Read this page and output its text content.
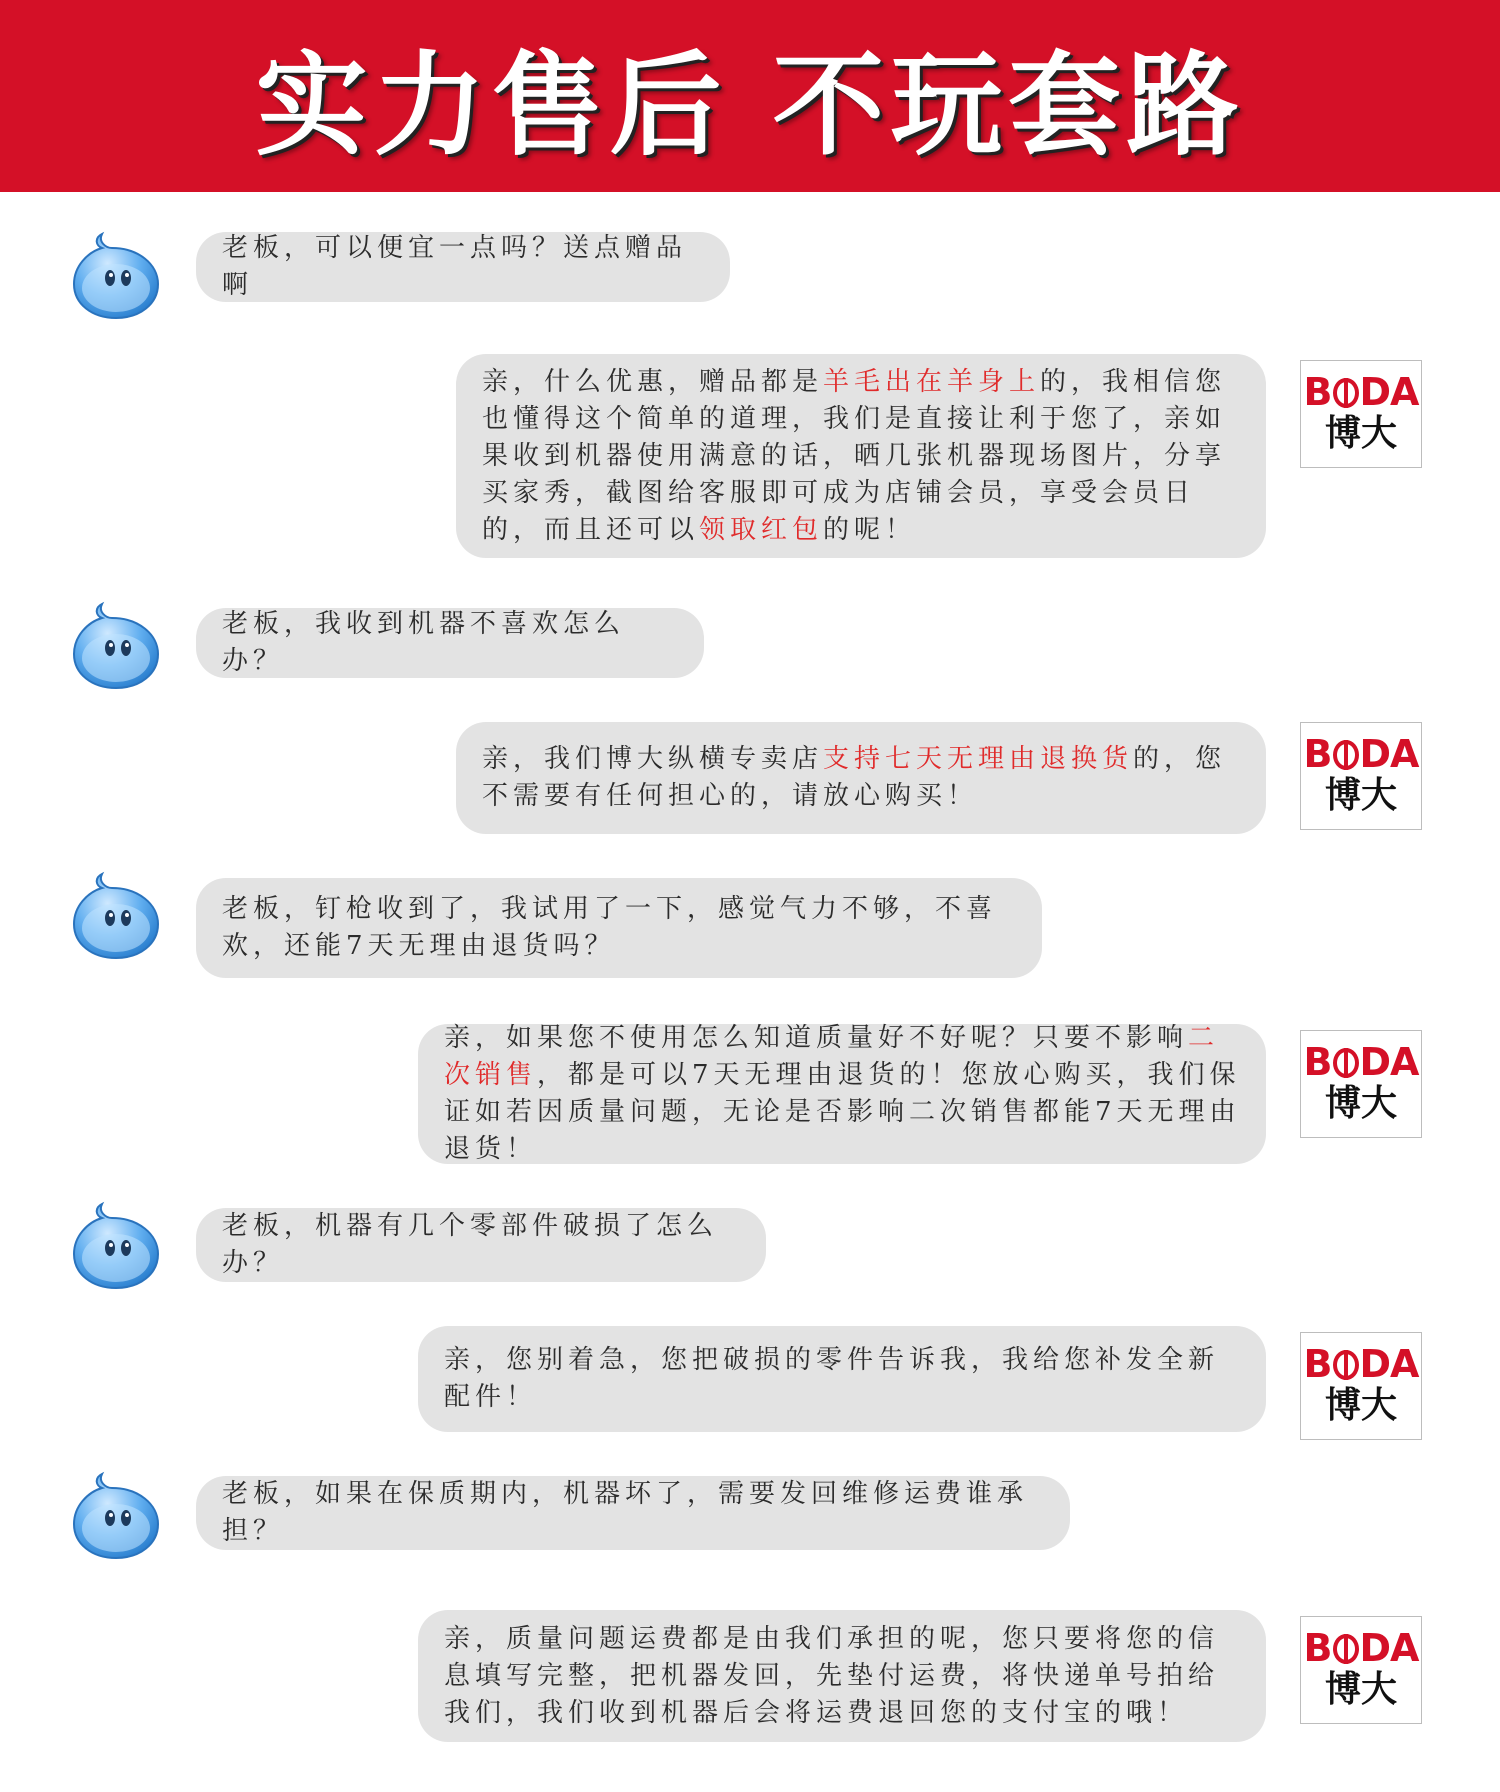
实力售后 不玩套路
老板，可以便宜一点吗？送点赠品啊
亲，什么优惠，赠品都是羊毛出在羊身上的，我相信您也懂得这个简单的道理，我们是直接让利于您了，亲如果收到机器使用满意的话，晒几张机器现场图片，分享买家秀，截图给客服即可成为店铺会员，享受会员日的，而且还可以领取红包的呢！
B DA
博大
老板，我收到机器不喜欢怎么办？
亲，我们博大纵横专卖店支持七天无理由退换货的，您不需要有任何担心的，请放心购买！
B DA
博大
老板，钉枪收到了，我试用了一下，感觉气力不够，不喜欢，还能7天无理由退货吗？
亲，如果您不使用怎么知道质量好不好呢？只要不影响二次销售，都是可以7天无理由退货的！您放心购买，我们保证如若因质量问题，无论是否影响二次销售都能7天无理由退货！
B DA
博大
老板，机器有几个零部件破损了怎么办？
亲，您别着急，您把破损的零件告诉我，我给您补发全新配件！
B DA
博大
老板，如果在保质期内，机器坏了，需要发回维修运费谁承担？
亲，质量问题运费都是由我们承担的呢，您只要将您的信息填写完整，把机器发回，先垫付运费，将快递单号拍给我们，我们收到机器后会将运费退回您的支付宝的哦！
B DA
博大
